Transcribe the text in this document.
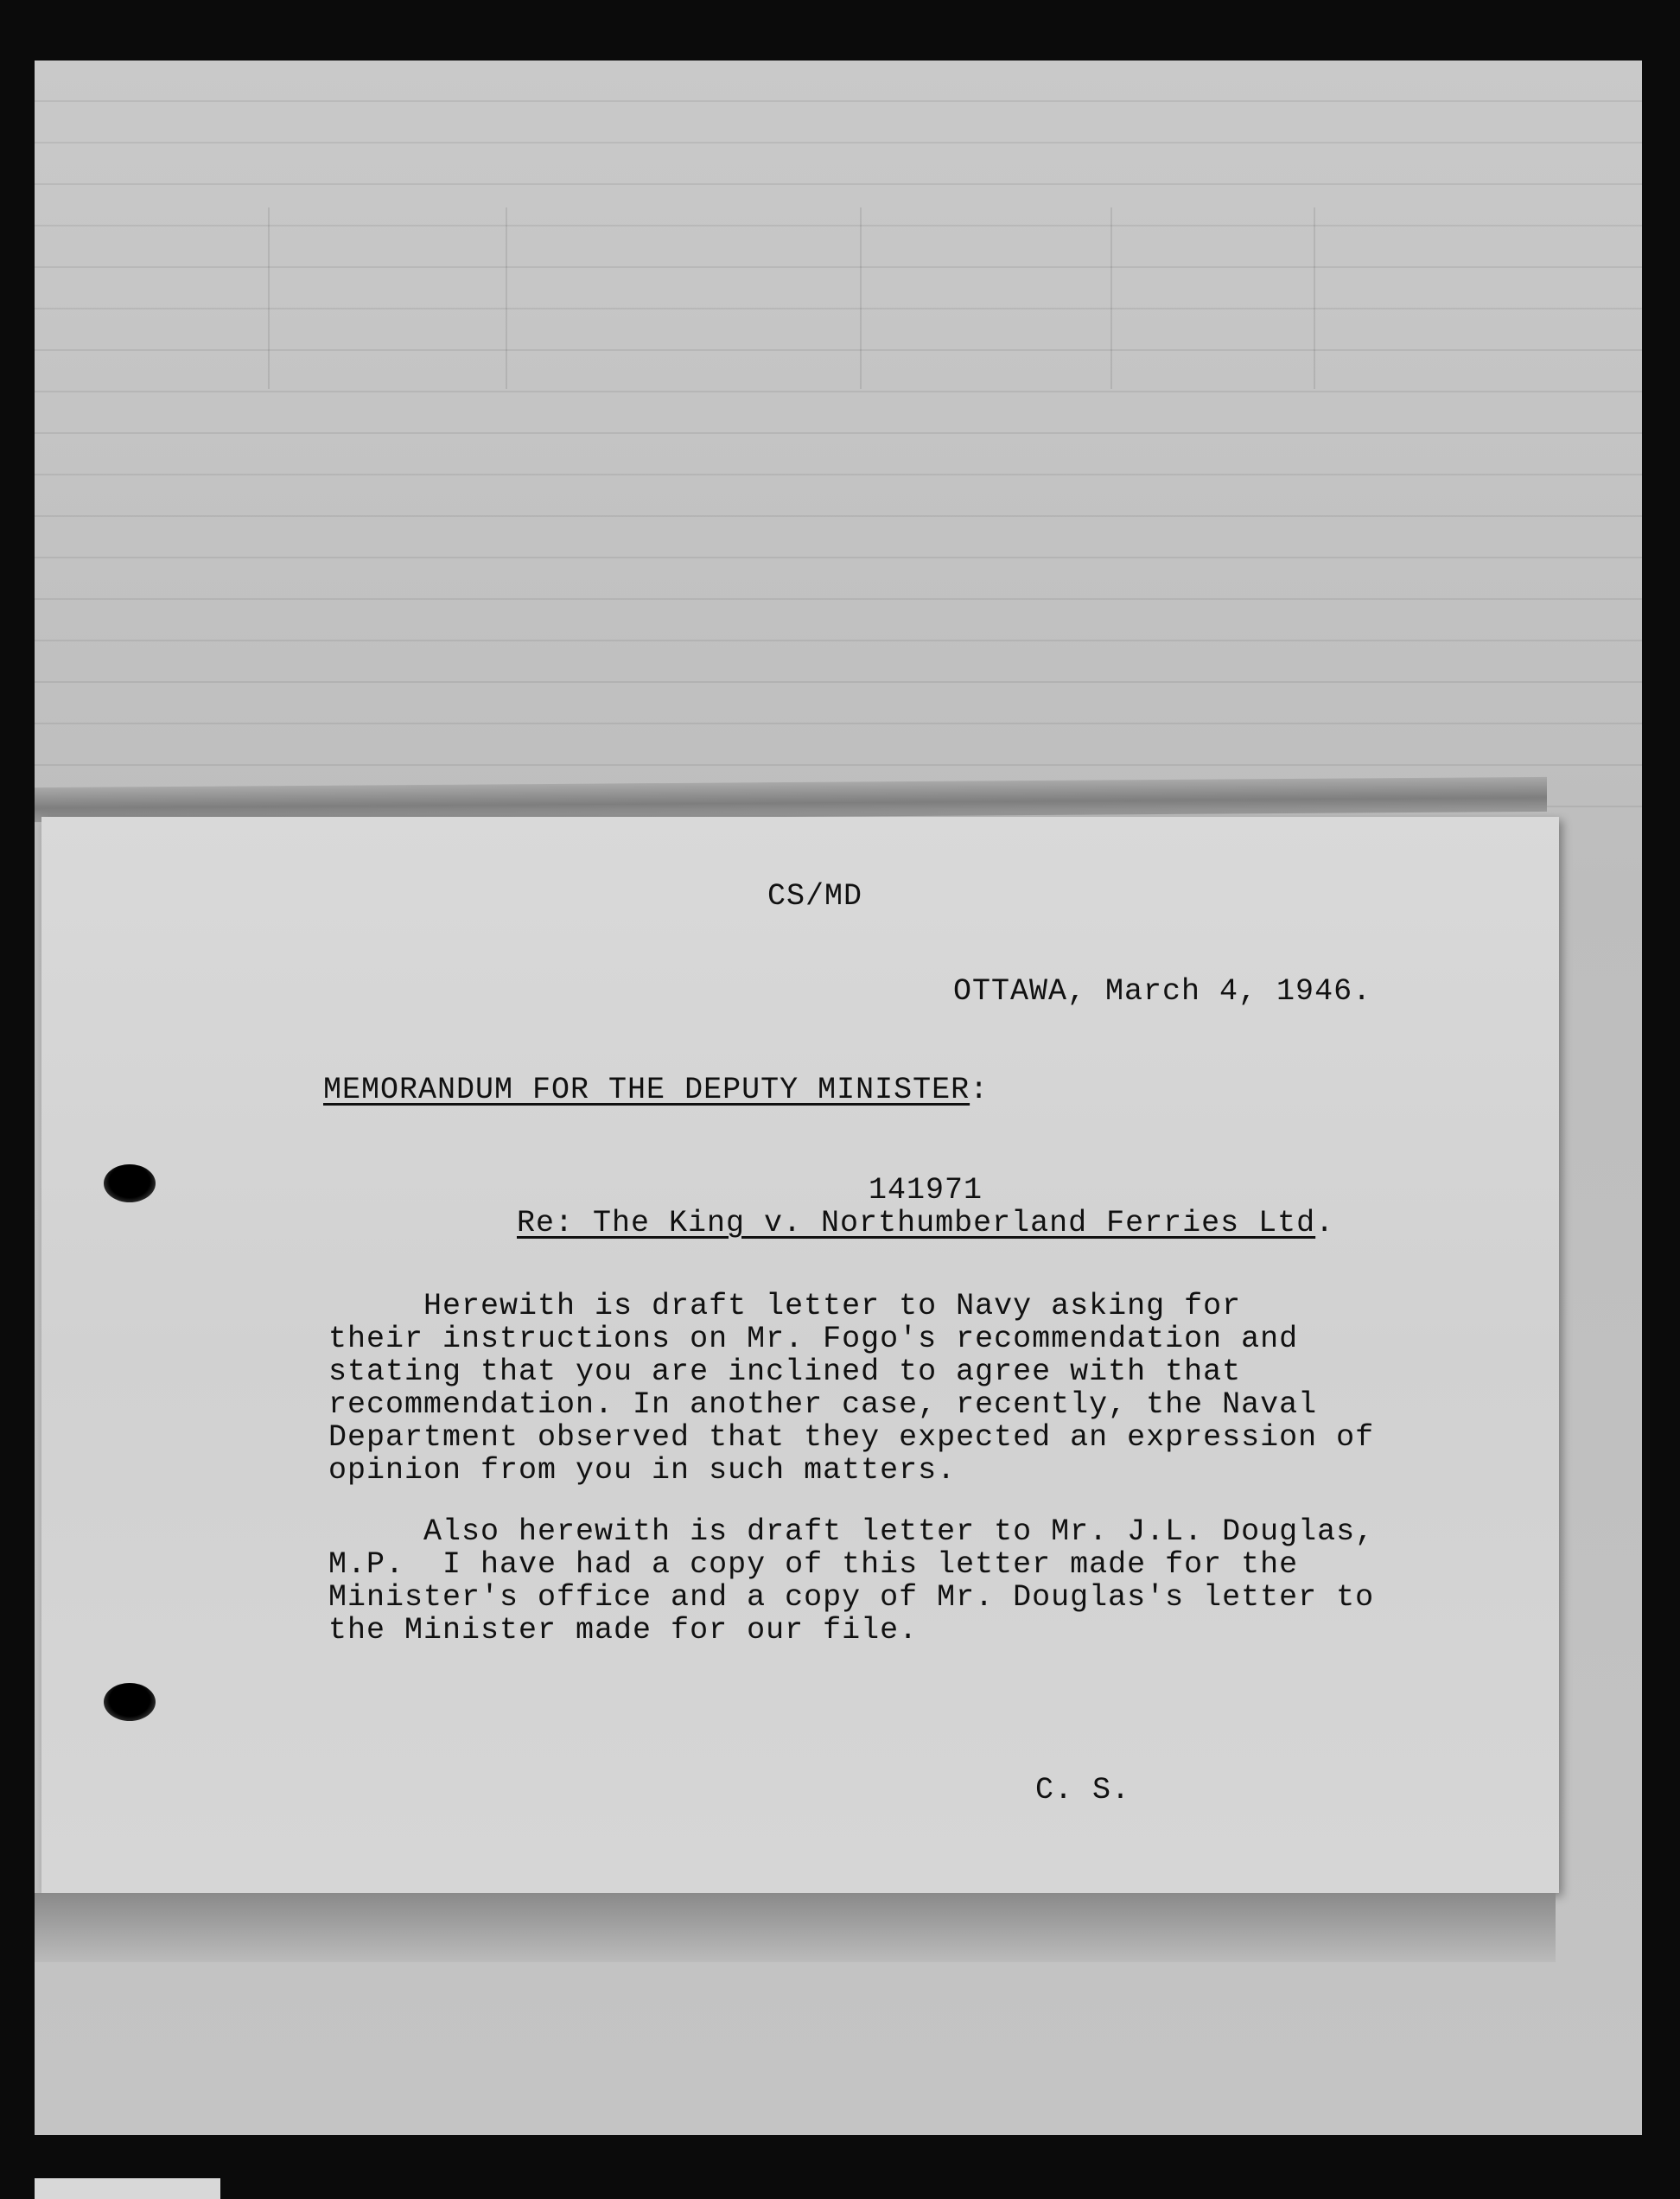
CS/MD

OTTAWA, March 4, 1946.

MEMORANDUM FOR THE DEPUTY MINISTER:

141971

Re: The King v. Northumberland Ferries Ltd.

Herewith is draft letter to Navy asking for
their instructions on Mr. Fogo's recommendation and
stating that you are inclined to agree with that
recommendation. In another case, recently, the Naval
Department observed that they expected an expression of
opinion from you in such matters.
Also herewith is draft letter to Mr. J.L. Douglas,
M.P.  I have had a copy of this letter made for the
Minister's office and a copy of Mr. Douglas's letter to
the Minister made for our file.

C. S.
